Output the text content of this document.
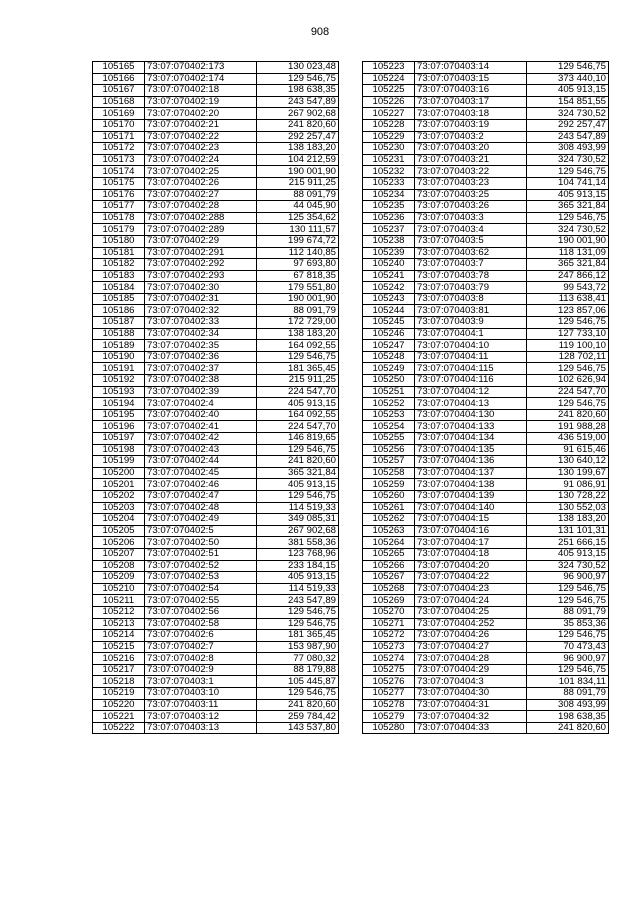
908
105165	73:07:070402:173	130 023,48
105166	73:07:070402:174	129 546,75
105167	73:07:070402:18	198 638,35
105168	73:07:070402:19	243 547,89
105169	73:07:070402:20	267 902,68
105170	73:07:070402:21	241 820,60
105171	73:07:070402:22	292 257,47
105172	73:07:070402:23	138 183,20
105173	73:07:070402:24	104 212,59
105174	73:07:070402:25	190 001,90
105175	73:07:070402:26	215 911,25
105176	73:07:070402:27	88 091,79
105177	73:07:070402:28	44 045,90
105178	73:07:070402:288	125 354,62
105179	73:07:070402:289	130 111,57
105180	73:07:070402:29	199 674,72
105181	73:07:070402:291	112 140,85
105182	73:07:070402:292	97 693,80
105183	73:07:070402:293	67 818,35
105184	73:07:070402:30	179 551,80
105185	73:07:070402:31	190 001,90
105186	73:07:070402:32	88 091,79
105187	73:07:070402:33	172 729,00
105188	73:07:070402:34	138 183,20
105189	73:07:070402:35	164 092,55
105190	73:07:070402:36	129 546,75
105191	73:07:070402:37	181 365,45
105192	73:07:070402:38	215 911,25
105193	73:07:070402:39	224 547,70
105194	73:07:070402:4	405 913,15
105195	73:07:070402:40	164 092,55
105196	73:07:070402:41	224 547,70
105197	73:07:070402:42	146 819,65
105198	73:07:070402:43	129 546,75
105199	73:07:070402:44	241 820,60
105200	73:07:070402:45	365 321,84
105201	73:07:070402:46	405 913,15
105202	73:07:070402:47	129 546,75
105203	73:07:070402:48	114 519,33
105204	73:07:070402:49	349 085,31
105205	73:07:070402:5	267 902,68
105206	73:07:070402:50	381 558,36
105207	73:07:070402:51	123 768,96
105208	73:07:070402:52	233 184,15
105209	73:07:070402:53	405 913,15
105210	73:07:070402:54	114 519,33
105211	73:07:070402:55	243 547,89
105212	73:07:070402:56	129 546,75
105213	73:07:070402:58	129 546,75
105214	73:07:070402:6	181 365,45
105215	73:07:070402:7	153 987,90
105216	73:07:070402:8	77 080,32
105217	73:07:070402:9	88 179,88
105218	73:07:070403:1	105 445,87
105219	73:07:070403:10	129 546,75
105220	73:07:070403:11	241 820,60
105221	73:07:070403:12	259 784,42
105222	73:07:070403:13	143 537,80
105223	73:07:070403:14	129 546,75
105224	73:07:070403:15	373 440,10
105225	73:07:070403:16	405 913,15
105226	73:07:070403:17	154 851,55
105227	73:07:070403:18	324 730,52
105228	73:07:070403:19	292 257,47
105229	73:07:070403:2	243 547,89
105230	73:07:070403:20	308 493,99
105231	73:07:070403:21	324 730,52
105232	73:07:070403:22	129 546,75
105233	73:07:070403:23	104 741,14
105234	73:07:070403:25	405 913,15
105235	73:07:070403:26	365 321,84
105236	73:07:070403:3	129 546,75
105237	73:07:070403:4	324 730,52
105238	73:07:070403:5	190 001,90
105239	73:07:070403:62	118 131,09
105240	73:07:070403:7	365 321,84
105241	73:07:070403:78	247 866,12
105242	73:07:070403:79	99 543,72
105243	73:07:070403:8	113 638,41
105244	73:07:070403:81	123 857,06
105245	73:07:070403:9	129 546,75
105246	73:07:070404:1	127 733,10
105247	73:07:070404:10	119 100,10
105248	73:07:070404:11	128 702,11
105249	73:07:070404:115	129 546,75
105250	73:07:070404:116	102 626,94
105251	73:07:070404:12	224 547,70
105252	73:07:070404:13	129 546,75
105253	73:07:070404:130	241 820,60
105254	73:07:070404:133	191 988,28
105255	73:07:070404:134	436 519,00
105256	73:07:070404:135	91 615,46
105257	73:07:070404:136	130 640,12
105258	73:07:070404:137	130 199,67
105259	73:07:070404:138	91 086,91
105260	73:07:070404:139	130 728,22
105261	73:07:070404:140	130 552,03
105262	73:07:070404:15	138 183,20
105263	73:07:070404:16	131 101,31
105264	73:07:070404:17	251 666,15
105265	73:07:070404:18	405 913,15
105266	73:07:070404:20	324 730,52
105267	73:07:070404:22	96 900,97
105268	73:07:070404:23	129 546,75
105269	73:07:070404:24	129 546,75
105270	73:07:070404:25	88 091,79
105271	73:07:070404:252	35 853,36
105272	73:07:070404:26	129 546,75
105273	73:07:070404:27	70 473,43
105274	73:07:070404:28	96 900,97
105275	73:07:070404:29	129 546,75
105276	73:07:070404:3	101 834,11
105277	73:07:070404:30	88 091,79
105278	73:07:070404:31	308 493,99
105279	73:07:070404:32	198 638,35
105280	73:07:070404:33	241 820,60
